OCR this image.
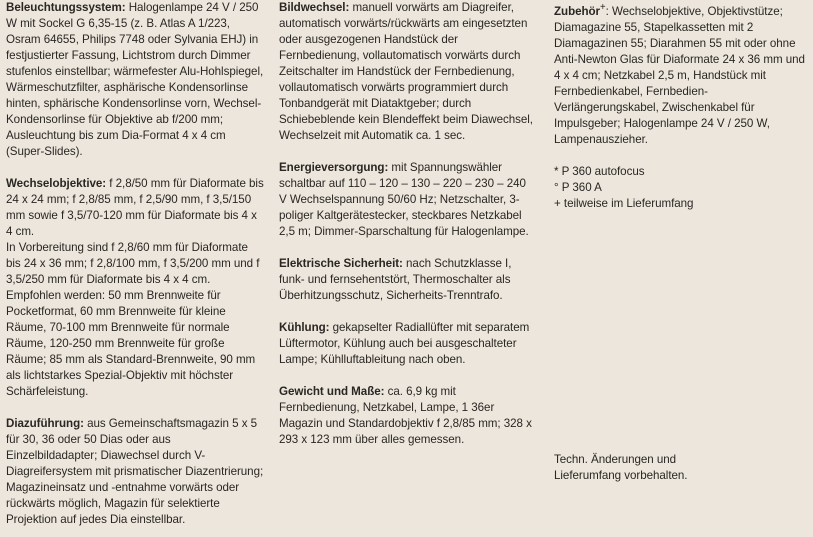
Beleuchtungssystem: Halogenlampe 24 V / 250 W mit Sockel G 6,35-15 (z. B. Atlas A 1/223, Osram 64655, Philips 7748 oder Sylvania EHJ) in festjustierter Fassung, Lichtstrom durch Dimmer stufenlos einstellbar; wärmefester Alu-Hohlspiegel, Wärmeschutzfilter, asphärische Kondensorlinse hinten, sphärische Kondensorlinse vorn, Wechsel-Kondensorlinse für Objektive ab f/200 mm; Ausleuchtung bis zum Dia-Format 4 x 4 cm (Super-Slides).

Wechselobjektive: f 2,8/50 mm für Diaformate bis 24 x 24 mm; f 2,8/85 mm, f 2,5/90 mm, f 3,5/150 mm sowie f 3,5/70-120 mm für Diaformate bis 4 x 4 cm.

In Vorbereitung sind f 2,8/60 mm für Diaformate bis 24 x 36 mm; f 2,8/100 mm, f 3,5/200 mm und f 3,5/250 mm für Diaformate bis 4 x 4 cm.

Empfohlen werden: 50 mm Brennweite für Pocketformat, 60 mm Brennweite für kleine Räume, 70-100 mm Brennweite für normale Räume, 120-250 mm Brennweite für große Räume; 85 mm als Standard-Brennweite, 90 mm als lichtstarkes Spezial-Objektiv mit höchster Schärfeleistung.

Diazuführung: aus Gemeinschaftsmagazin 5 x 5 für 30, 36 oder 50 Dias oder aus Einzelbildadapter; Diawechsel durch V-Diagreifersystem mit prismatischer Diazentrierung; Magazineinsatz und -entnahme vorwärts oder rückwärts möglich, Magazin für selektierte Projektion auf jedes Dia einstellbar.

Bildwechsel: manuell vorwärts am Diagreifer, automatisch vorwärts/rückwärts am eingesetzten oder ausgezogenen Handstück der Fernbedienung, vollautomatisch vorwärts durch Zeitschalter im Handstück der Fernbedienung, vollautomatisch vorwärts programmiert durch Tonbandgerät mit Diataktgeber; durch Schiebeblende kein Blendeffekt beim Diawechsel, Wechselzeit mit Automatik ca. 1 sec.

Energieversorgung: mit Spannungswähler schaltbar auf 110 – 120 – 130 – 220 – 230 – 240 V Wechselspannung 50/60 Hz; Netzschalter, 3-poliger Kaltgerätestecker, steckbares Netzkabel 2,5 m; Dimmer-Sparschaltung für Halogenlampe.

Elektrische Sicherheit: nach Schutzklasse I, funk- und fernsehentstört, Thermoschalter als Überhitzungsschutz, Sicherheits-Trenntrafo.

Kühlung: gekapselter Radiallüfter mit separatem Lüftermotor, Kühlung auch bei ausgeschalteter Lampe; Kühlluftableitung nach oben.

Gewicht und Maße: ca. 6,9 kg mit Fernbedienung, Netzkabel, Lampe, 1 36er Magazin und Standardobjektiv f 2,8/85 mm; 328 x 293 x 123 mm über alles gemessen.

Zubehör+: Wechselobjektive, Objektivstütze; Diamagazine 55, Stapelkassetten mit 2 Diamagazinen 55; Diarahmen 55 mit oder ohne Anti-Newton Glas für Diaformate 24 x 36 mm und 4 x 4 cm; Netzkabel 2,5 m, Handstück mit Fernbedienkabel, Fernbedien-Verlängerungskabel, Zwischenkabel für Impulsgeber; Halogenlampe 24 V / 250 W, Lampenauszieher.

* P 360 autofocus

° P 360 A

+ teilweise im Lieferumfang

Techn. Änderungen und

Lieferumfang vorbehalten.
